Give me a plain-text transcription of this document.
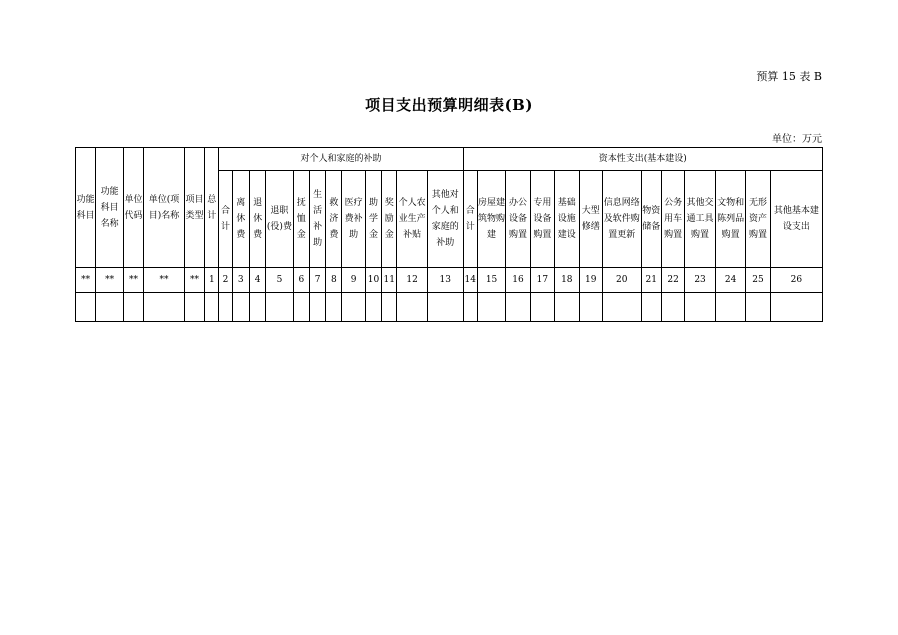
预算 15 表 B
项目支出预算明细表(B)
单位：万元
功能科目	功能科目名称	单位代码	单位(项目)名称	项目类型	总计	对个人和家庭的补助												资本性支出(基本建设)												
						合计	离休费	退休费	退职(役)费	抚恤金	生活补助	救济费	医疗费补助	助学金	奖励金	个人农业生产补贴	其他对个人和家庭的补助	合计	房屋建筑物购建	办公设备购置	专用设备购置	基础设施建设	大型修缮	信息网络及软件购置更新	物资储备	公务用车购置	其他交通工具购置	文物和陈列品购置	无形资产购置	其他基本建设支出
**	**	**	**	**	1	2	3	4	5	6	7	8	9	10	11	12	13	14	15	16	17	18	19	20	21	22	23	24	25	26
